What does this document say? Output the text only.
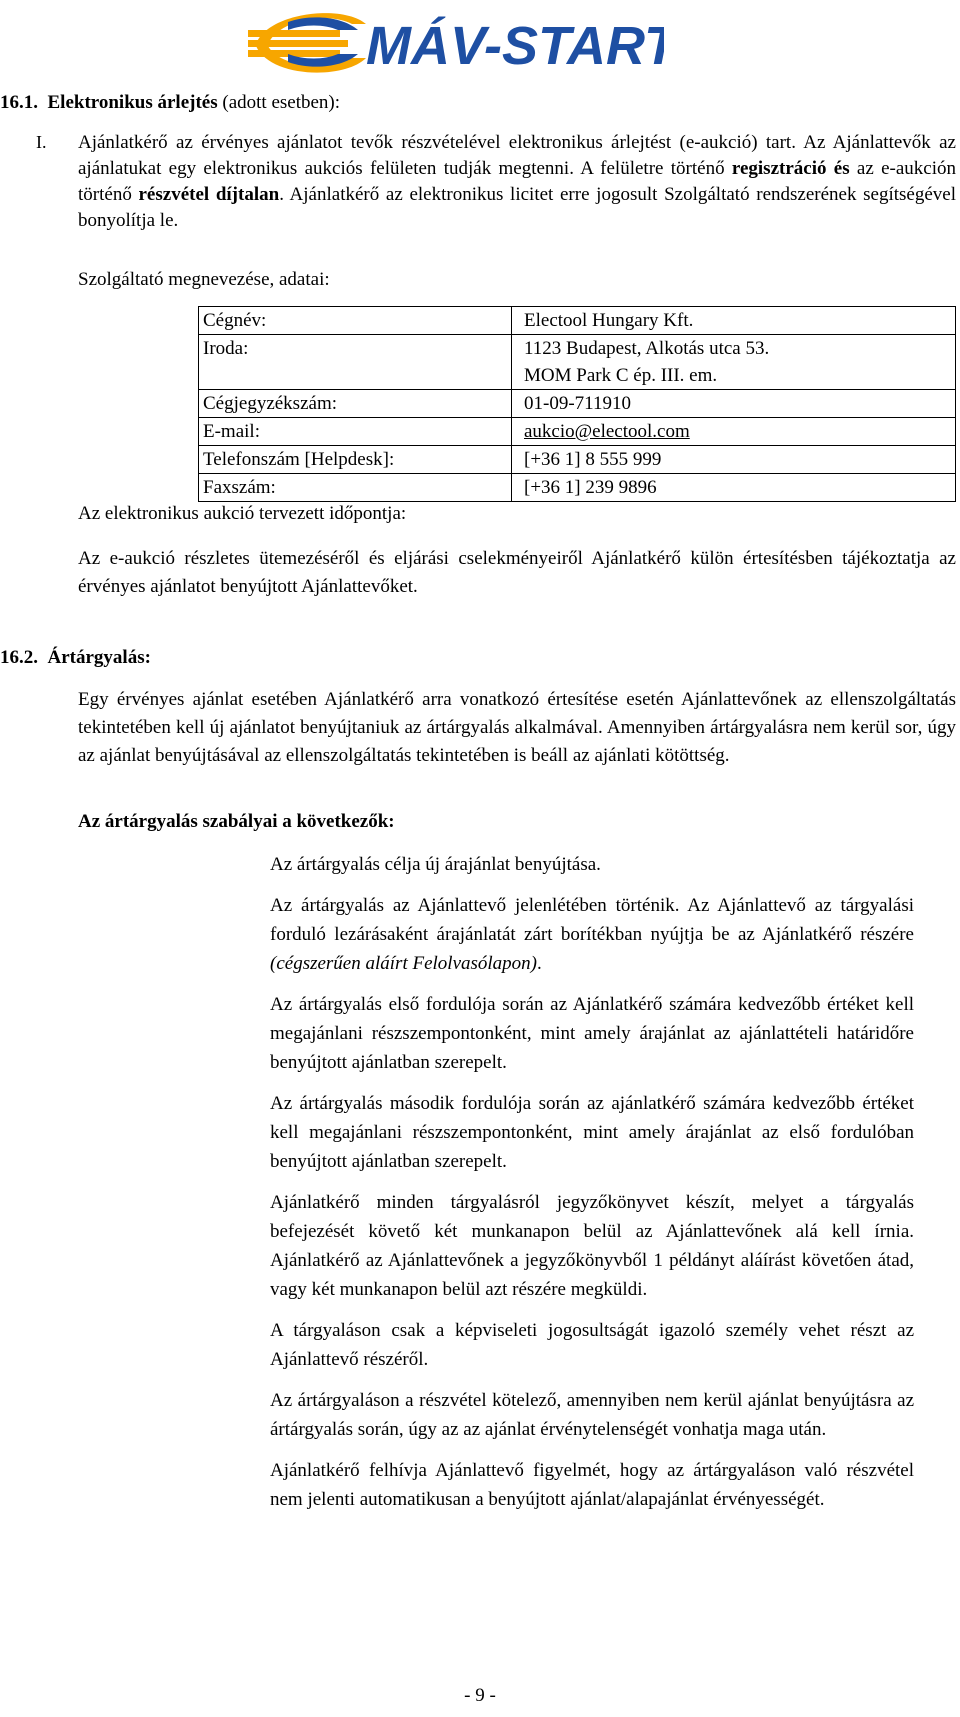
MÁV-START
16.1. Elektronikus árlejtés (adott esetben):
I. Ajánlatkérő az érvényes ajánlatot tevők részvételével elektronikus árlejtést (e-aukció) tart. Az Ajánlattevők az ajánlatukat egy elektronikus aukciós felületen tudják megtenni. A felületre történő regisztráció és az e-aukción történő részvétel díjtalan. Ajánlatkérő az elektronikus licitet erre jogosult Szolgáltató rendszerének segítségével bonyolítja le.
Szolgáltató megnevezése, adatai:
Cégnév:	Electool Hungary Kft.
Iroda:	1123 Budapest, Alkotás utca 53.
MOM Park C ép. III. em.

Cégjegyzékszám:	01-09-711910
E-mail:	aukcio@electool.com
Telefonszám [Helpdesk]:	[+36 1] 8 555 999
Faxszám:	[+36 1] 239 9896
Az elektronikus aukció tervezett időpontja:
Az e-aukció részletes ütemezéséről és eljárási cselekményeiről Ajánlatkérő külön értesítésben tájékoztatja az érvényes ajánlatot benyújtott Ajánlattevőket.
16.2. Ártárgyalás:
Egy érvényes ajánlat esetében Ajánlatkérő arra vonatkozó értesítése esetén Ajánlattevőnek az ellenszolgáltatás tekintetében kell új ajánlatot benyújtaniuk az ártárgyalás alkalmával. Amennyiben ártárgyalásra nem kerül sor, úgy az ajánlat benyújtásával az ellenszolgáltatás tekintetében is beáll az ajánlati kötöttség.
Az ártárgyalás szabályai a következők:

Az ártárgyalás célja új árajánlat benyújtása.

Az ártárgyalás az Ajánlattevő jelenlétében történik. Az Ajánlattevő az tárgyalási forduló lezárásaként árajánlatát zárt borítékban nyújtja be az Ajánlatkérő részére (cégszerűen aláírt Felolvasólapon).

Az ártárgyalás első fordulója során az Ajánlatkérő számára kedvezőbb értéket kell megajánlani részszempontonként, mint amely árajánlat az ajánlattételi határidőre benyújtott ajánlatban szerepelt.

Az ártárgyalás második fordulója során az ajánlatkérő számára kedvezőbb értéket kell megajánlani részszempontonként, mint amely árajánlat az első fordulóban benyújtott ajánlatban szerepelt.

Ajánlatkérő minden tárgyalásról jegyzőkönyvet készít, melyet a tárgyalás befejezését követő két munkanapon belül az Ajánlattevőnek alá kell írnia. Ajánlatkérő az Ajánlattevőnek a jegyzőkönyvből 1 példányt aláírást követően átad, vagy két munkanapon belül azt részére megküldi.

A tárgyaláson csak a képviseleti jogosultságát igazoló személy vehet részt az Ajánlattevő részéről.

Az ártárgyaláson a részvétel kötelező, amennyiben nem kerül ajánlat benyújtásra az ártárgyalás során, úgy az az ajánlat érvénytelenségét vonhatja maga után.

Ajánlatkérő felhívja Ajánlattevő figyelmét, hogy az ártárgyaláson való részvétel nem jelenti automatikusan a benyújtott ajánlat/alapajánlat érvényességét.

- 9 -
